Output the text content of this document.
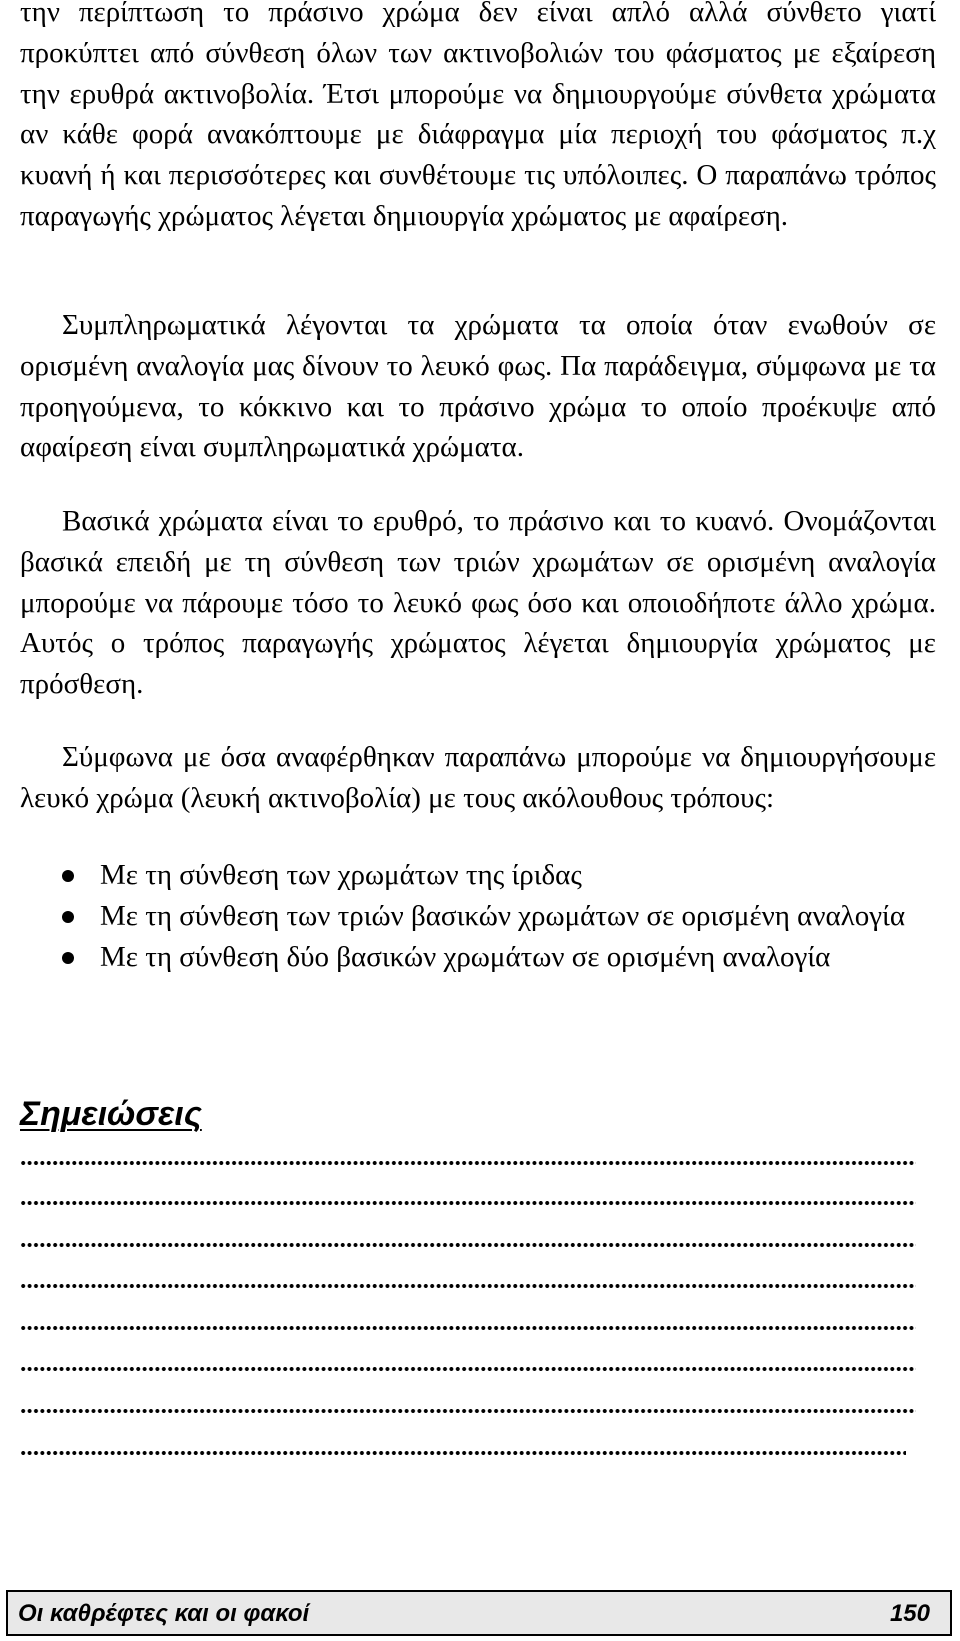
την περίπτωση το πράσινο χρώμα δεν είναι απλό αλλά σύνθετο γιατί προκύπτει από σύνθεση όλων των ακτινοβολιών του φάσματος με εξαίρεση την ερυθρά ακτινοβολία. Έτσι μπορούμε να δημιουργούμε σύνθετα χρώματα αν κάθε φορά ανακόπτουμε με διάφραγμα μία περιοχή του φάσματος π.χ κυανή ή και περισσότερες και συνθέτουμε τις υπόλοιπες. Ο παραπάνω τρόπος παραγωγής χρώματος λέγεται δημιουργία χρώματος με αφαίρεση.

Συμπληρωματικά λέγονται τα χρώματα τα οποία όταν ενωθούν σε ορισμένη αναλογία μας δίνουν το λευκό φως. Πα παράδειγμα, σύμφωνα με τα προηγούμενα, το κόκκινο και το πράσινο χρώμα το οποίο προέκυψε από αφαίρεση είναι συμπληρωματικά χρώματα.

Βασικά χρώματα είναι το ερυθρό, το πράσινο και το κυανό. Ονομάζονται βασικά επειδή με τη σύνθεση των τριών χρωμάτων σε ορισμένη αναλογία μπορούμε να πάρουμε τόσο το λευκό φως όσο και οποιοδήποτε άλλο χρώμα. Αυτός ο τρόπος παραγωγής χρώματος λέγεται δημιουργία χρώματος με πρόσθεση.

Σύμφωνα με όσα αναφέρθηκαν παραπάνω μπορούμε να δημιουργήσουμε λευκό χρώμα (λευκή ακτινοβολία) με τους ακόλουθους τρόπους:

Με τη σύνθεση των χρωμάτων της ίριδας
Με τη σύνθεση των τριών βασικών χρωμάτων σε ορισμένη αναλογία
Με τη σύνθεση δύο βασικών χρωμάτων σε ορισμένη αναλογία
Σημειώσεις
Οι καθρέφτες και οι φακοί	150
